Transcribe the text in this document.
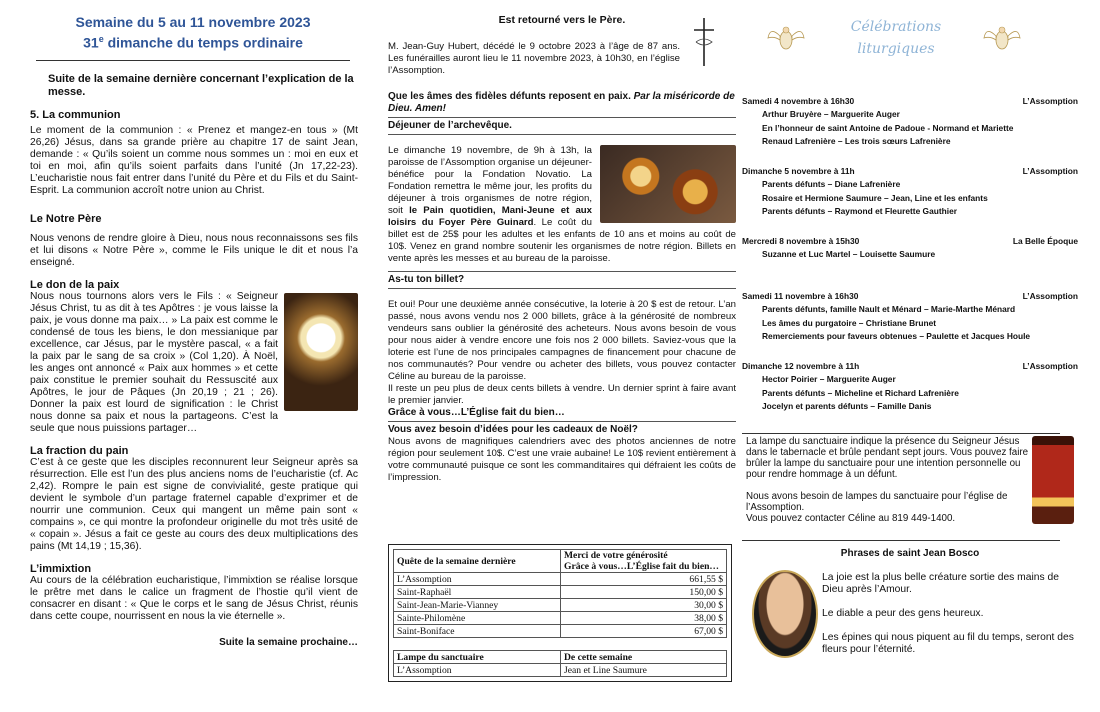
Semaine du 5 au 11 novembre 2023
31e dimanche du temps ordinaire
Suite de la semaine dernière concernant l’explication de la messe.
5. La communion
Le moment de la communion : « Prenez et mangez-en tous » (Mt 26,26) Jésus, dans sa grande prière au chapitre 17 de saint Jean, demande : « Qu’ils soient un comme nous sommes un : moi en eux et toi en moi, afin qu’ils soient parfaits dans l’unité (Jn 17,22-23). L’eucharistie nous fait entrer dans l’unité du Père et du Fils et du Saint-Esprit. La communion accroît notre union au Christ.
Le Notre Père
Nous venons de rendre gloire à Dieu, nous nous reconnaissons ses fils et lui disons « Notre Père », comme le Fils unique le dit et nous l’a enseigné.
Le don de la paix
Nous nous tournons alors vers le Fils : « Seigneur Jésus Christ, tu as dit à tes Apôtres : je vous laisse la paix, je vous donne ma paix… » La paix est comme le condensé de tous les biens, le don messianique par excellence, car Jésus, par le mystère pascal, « a fait la paix par le sang de sa croix » (Col 1,20). À Noël, les anges ont annoncé « Paix aux hommes » et cette paix constitue le premier souhait du Ressuscité aux Apôtres, le jour de Pâques (Jn 20,19 ; 21 ; 26). Donner la paix est lourd de signification : le Christ nous donne sa paix et nous la partageons. C’est la seule que nous puissions partager…
La fraction du pain
C’est à ce geste que les disciples reconnurent leur Seigneur après sa résurrection. Elle est l’un des plus anciens noms de l’eucharistie (cf. Ac 2,42). Rompre le pain est signe de convivialité, geste pratique qui devient le symbole d’un partage fraternel capable d’exprimer et de nourrir une communion. Ceux qui mangent un même pain sont « compains », ce qui montre la profondeur originelle du mot très usité de « copain ». Jésus a fait ce geste au cours des deux multiplications des pains (Mt 14,19 ; 15,36).
L’immixtion
Au cours de la célébration eucharistique, l’immixtion se réalise lorsque le prêtre met dans le calice un fragment de l’hostie qu’il vient de consacrer en disant : « Que le corps et le sang de Jésus Christ, réunis dans cette coupe, nourrissent en nous la vie éternelle ».
Suite la semaine prochaine…
Est retourné vers le Père.
M. Jean-Guy Hubert, décédé le 9 octobre 2023 à l’âge de 87 ans. Les funérailles auront lieu le 11 novembre 2023, à 10h30, en l’église l’Assomption.
Que les âmes des fidèles défunts reposent en paix. Par la miséricorde de Dieu. Amen!
Déjeuner de l’archevêque.
Le dimanche 19 novembre, de 9h à 13h, la paroisse de l’Assomption organise un déjeuner-bénéfice pour la Fondation Novatio. La Fondation remettra le même jour, les profits du déjeuner à trois organismes de notre région, soit le Pain quotidien, Mani-Jeune et aux loisirs du Foyer Père Guinard. Le coût du billet est de 25$ pour les adultes et les enfants de 10 ans et moins au coût de 10$. Venez en grand nombre soutenir les organismes de notre région. Billets en vente après les messes et au bureau de la paroisse.
As-tu ton billet?
Et oui! Pour une deuxième année consécutive, la loterie à 20 $ est de retour. L’an passé, nous avons vendu nos 2 000 billets, grâce à la générosité de nombreux vendeurs sans oublier la générosité des acheteurs. Nous avons besoin de vous pour nous aider à vendre encore une fois nos 2 000 billets. Saviez-vous que la loterie est l’une de nos principales campagnes de financement pour chacune de nos communautés? Pour vendre ou acheter des billets, vous pouvez contacter Céline au bureau de la paroisse.
Il reste un peu plus de deux cents billets à vendre. Un dernier sprint à faire avant le premier janvier.
Grâce à vous…L’Église fait du bien…
Vous avez besoin d’idées pour les cadeaux de Noël?
Nous avons de magnifiques calendriers avec des photos anciennes de notre région pour seulement 10$. C’est une vraie aubaine! Le 10$ revient entièrement à votre communauté puisque ce sont les commanditaires qui défraient les coûts de l’impression.
Quête de la semaine dernière	Merci de votre générosité
Grâce à vous…L’Église fait du bien…

L’Assomption	661,55 $
Saint-Raphaël	150,00 $
Saint-Jean-Marie-Vianney	30,00 $
Sainte-Philomène	38,00 $
Saint-Boniface	67,00 $

Lampe du sanctuaire	De cette semaine
L’Assomption	Jean et Line Saumure
Célébrations
liturgiques
Samedi 4 novembre à 16h30	L’Assomption
Arthur Bruyère – Marguerite Auger
En l’honneur de saint Antoine de Padoue - Normand et Mariette
Renaud Lafrenière – Les trois sœurs Lafrenière
Dimanche 5 novembre à 11h	L’Assomption
Parents défunts – Diane Lafrenière
Rosaire et Hermione Saumure – Jean, Line et les enfants
Parents défunts – Raymond et Fleurette Gauthier
Mercredi 8 novembre à 15h30	La Belle Époque
Suzanne et Luc Martel – Louisette Saumure
Samedi 11 novembre à 16h30	L’Assomption
Parents défunts, famille Nault et Ménard – Marie-Marthe Ménard
Les âmes du purgatoire – Christiane Brunet
Remerciements pour faveurs obtenues – Paulette et Jacques Houle
Dimanche 12 novembre à 11h	L’Assomption
Hector Poirier – Marguerite Auger
Parents défunts – Micheline et Richard Lafrenière
Jocelyn et parents défunts – Famille Danis
La lampe du sanctuaire indique la présence du Seigneur Jésus dans le tabernacle et brûle pendant sept jours. Vous pouvez faire brûler la lampe du sanctuaire pour une intention personnelle ou pour rendre hommage à un défunt.
Nous avons besoin de lampes du sanctuaire pour l’église de l’Assomption.
Vous pouvez contacter Céline au 819 449-1400.
Phrases de saint Jean Bosco
La joie est la plus belle créature sortie des mains de Dieu après l’Amour.
Le diable a peur des gens heureux.
Les épines qui nous piquent au fil du temps, seront des fleurs pour l’éternité.
